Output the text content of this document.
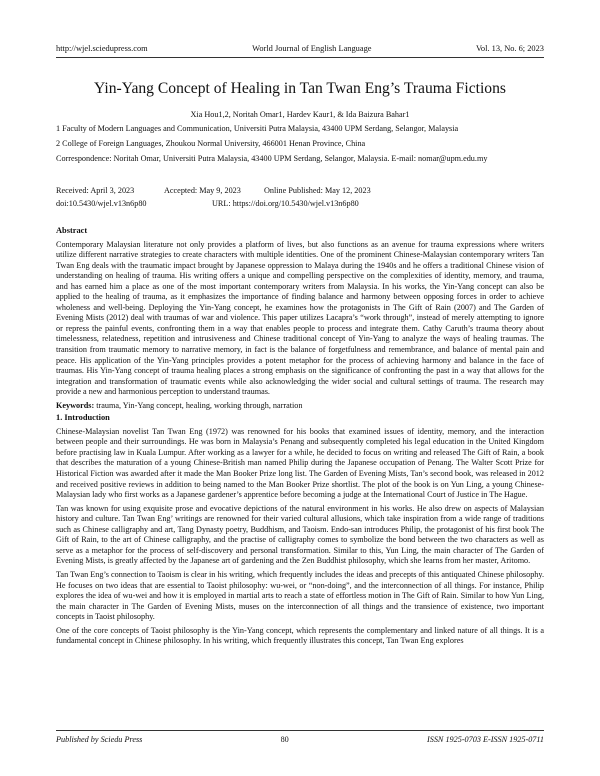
http://wjel.sciedupress.com	World Journal of English Language	Vol. 13, No. 6; 2023
Yin-Yang Concept of Healing in Tan Twan Eng’s Trauma Fictions
Xia Hou1,2, Noritah Omar1, Hardev Kaur1, & Ida Baizura Bahar1
1 Faculty of Modern Languages and Communication, Universiti Putra Malaysia, 43400 UPM Serdang, Selangor, Malaysia
2 College of Foreign Languages, Zhoukou Normal University, 466001 Henan Province, China
Correspondence: Noritah Omar, Universiti Putra Malaysia, 43400 UPM Serdang, Selangor, Malaysia. E-mail: nomar@upm.edu.my
Received: April 3, 2023	Accepted: May 9, 2023	Online Published: May 12, 2023
doi:10.5430/wjel.v13n6p80	URL: https://doi.org/10.5430/wjel.v13n6p80

Abstract

Contemporary Malaysian literature not only provides a platform of lives, but also functions as an avenue for trauma expressions where writers utilize different narrative strategies to create characters with multiple identities. One of the prominent Chinese-Malaysian contemporary writers Tan Twan Eng deals with the traumatic impact brought by Japanese oppression to Malaya during the 1940s and he offers a traditional Chinese vision of understanding on healing of trauma. His writing offers a unique and compelling perspective on the complexities of identity, memory, and trauma, and has earned him a place as one of the most important contemporary writers from Malaysia. In his works, the Yin-Yang concept can also be applied to the healing of trauma, as it emphasizes the importance of finding balance and harmony between opposing forces in order to achieve wholeness and well-being. Deploying the Yin-Yang concept, he examines how the protagonists in The Gift of Rain (2007) and The Garden of Evening Mists (2012) deal with traumas of war and violence. This paper utilizes Lacapra’s “work through”, instead of merely attempting to ignore or repress the painful events, confronting them in a way that enables people to process and integrate them. Cathy Caruth’s trauma theory about timelessness, relatedness, repetition and intrusiveness and Chinese traditional concept of Yin-Yang to analyze the ways of healing traumas. The transition from traumatic memory to narrative memory, in fact is the balance of forgetfulness and remembrance, and balance of mental pain and peace. His application of the Yin-Yang principles provides a potent metaphor for the process of achieving harmony and balance in the face of traumas. His Yin-Yang concept of trauma healing places a strong emphasis on the significance of confronting the past in a way that allows for the integration and transformation of traumatic events while also acknowledging the wider social and cultural settings of trauma. The research may provide a new and harmonious perception to understand traumas.

Keywords: trauma, Yin-Yang concept, healing, working through, narration

1. Introduction

Chinese-Malaysian novelist Tan Twan Eng (1972) was renowned for his books that examined issues of identity, memory, and the interaction between people and their surroundings. He was born in Malaysia’s Penang and subsequently completed his legal education in the United Kingdom before practising law in Kuala Lumpur. After working as a lawyer for a while, he decided to focus on writing and released The Gift of Rain, a book that describes the maturation of a young Chinese-British man named Philip during the Japanese occupation of Penang. The Walter Scott Prize for Historical Fiction was awarded after it made the Man Booker Prize long list. The Garden of Evening Mists, Tan’s second book, was released in 2012 and received positive reviews in addition to being named to the Man Booker Prize shortlist. The plot of the book is on Yun Ling, a young Chinese-Malaysian lady who first works as a Japanese gardener’s apprentice before becoming a judge at the International Court of Justice in The Hague.

Tan was known for using exquisite prose and evocative depictions of the natural environment in his works. He also drew on aspects of Malaysian history and culture. Tan Twan Eng’ writings are renowned for their varied cultural allusions, which take inspiration from a wide range of traditions such as Chinese calligraphy and art, Tang Dynasty poetry, Buddhism, and Taoism. Endo-san introduces Philip, the protagonist of his first book The Gift of Rain, to the art of Chinese calligraphy, and the practise of calligraphy comes to symbolize the bond between the two characters as well as serve as a metaphor for the process of self-discovery and personal transformation. Similar to this, Yun Ling, the main character of The Garden of Evening Mists, is greatly affected by the Japanese art of gardening and the Zen Buddhist philosophy, which she learns from her master, Aritomo.

Tan Twan Eng’s connection to Taoism is clear in his writing, which frequently includes the ideas and precepts of this antiquated Chinese philosophy. He focuses on two ideas that are essential to Taoist philosophy: wu-wei, or “non-doing”, and the interconnection of all things. For instance, Philip explores the idea of wu-wei and how it is employed in martial arts to reach a state of effortless motion in The Gift of Rain. Similar to how Yun Ling, the main character in The Garden of Evening Mists, muses on the interconnection of all things and the transience of existence, two important concepts in Taoist philosophy.

One of the core concepts of Taoist philosophy is the Yin-Yang concept, which represents the complementary and linked nature of all things. It is a fundamental concept in Chinese philosophy. In his writing, which frequently illustrates this concept, Tan Twan Eng explores

Published by Sciedu Press	80	ISSN 1925-0703 E-ISSN 1925-0711
